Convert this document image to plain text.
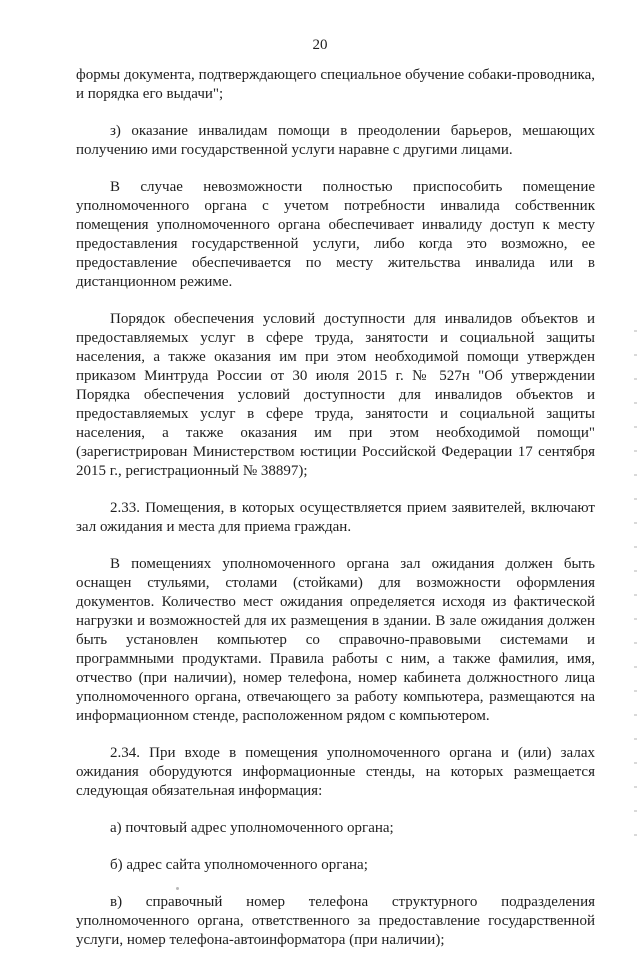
20

формы документа, подтверждающего специальное обучение собаки-проводника, и порядка его выдачи";

з) оказание инвалидам помощи в преодолении барьеров, мешающих получению ими государственной услуги наравне с другими лицами.

В случае невозможности полностью приспособить помещение уполномоченного органа с учетом потребности инвалида собственник помещения уполномоченного органа обеспечивает инвалиду доступ к месту предоставления государственной услуги, либо когда это возможно, ее предоставление обеспечивается по месту жительства инвалида или в дистанционном режиме.

Порядок обеспечения условий доступности для инвалидов объектов и предоставляемых услуг в сфере труда, занятости и социальной защиты населения, а также оказания им при этом необходимой помощи утвержден приказом Минтруда России от 30 июля 2015 г. № 527н "Об утверждении Порядка обеспечения условий доступности для инвалидов объектов и предоставляемых услуг в сфере труда, занятости и социальной защиты населения, а также оказания им при этом необходимой помощи" (зарегистрирован Министерством юстиции Российской Федерации 17 сентября 2015 г., регистрационный № 38897);

2.33. Помещения, в которых осуществляется прием заявителей, включают зал ожидания и места для приема граждан.

В помещениях уполномоченного органа зал ожидания должен быть оснащен стульями, столами (стойками) для возможности оформления документов. Количество мест ожидания определяется исходя из фактической нагрузки и возможностей для их размещения в здании. В зале ожидания должен быть установлен компьютер со справочно-правовыми системами и программными продуктами. Правила работы с ним, а также фамилия, имя, отчество (при наличии), номер телефона, номер кабинета должностного лица уполномоченного органа, отвечающего за работу компьютера, размещаются на информационном стенде, расположенном рядом с компьютером.

2.34. При входе в помещения уполномоченного органа и (или) залах ожидания оборудуются информационные стенды, на которых размещается следующая обязательная информация:

а) почтовый адрес уполномоченного органа;

б) адрес сайта уполномоченного органа;

в) справочный номер телефона структурного подразделения уполномоченного органа, ответственного за предоставление государственной услуги, номер телефона-автоинформатора (при наличии);
